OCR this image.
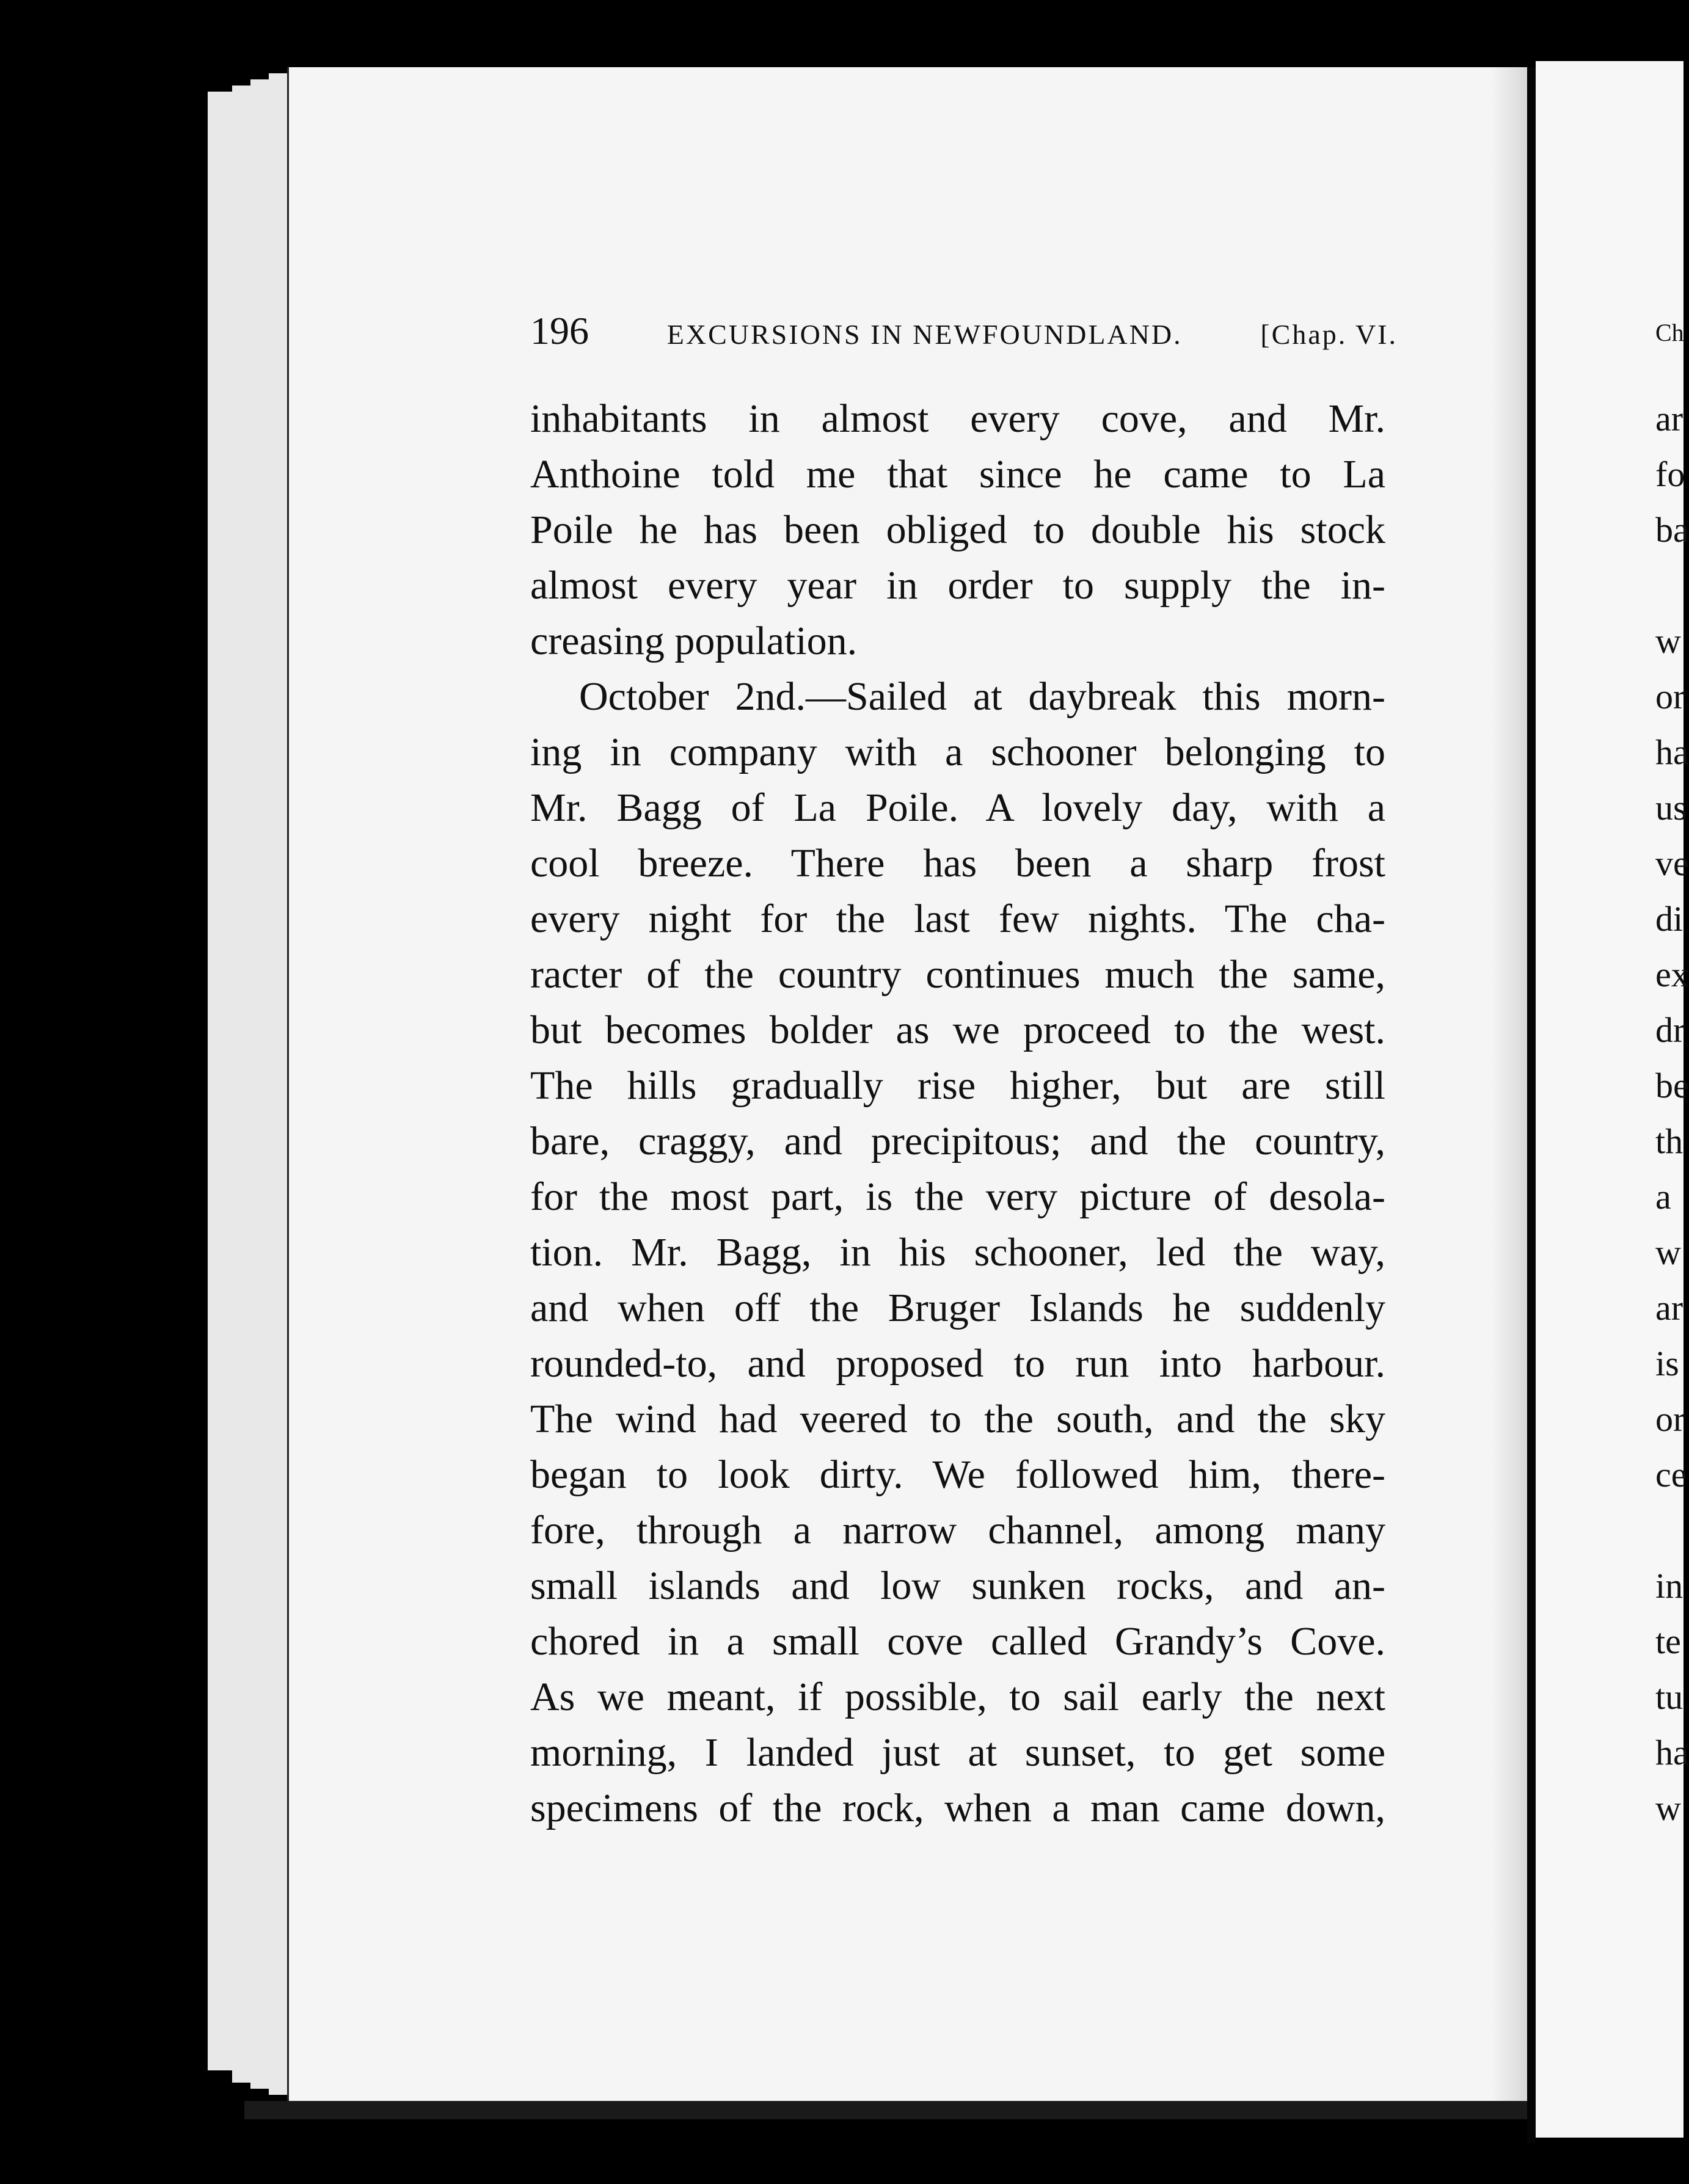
196	EXCURSIONS IN NEWFOUNDLAND.	[Chap. VI.
inhabitants in almost every cove, and Mr.
Anthoine told me that since he came to La
Poile he has been obliged to double his stock
almost every year in order to supply the in-
creasing population.
October 2nd.—Sailed at daybreak this morn-
ing in company with a schooner belonging to
Mr. Bagg of La Poile. A lovely day, with a
cool breeze. There has been a sharp frost
every night for the last few nights. The cha-
racter of the country continues much the same,
but becomes bolder as we proceed to the west.
The hills gradually rise higher, but are still
bare, craggy, and precipitous; and the country,
for the most part, is the very picture of desola-
tion. Mr. Bagg, in his schooner, led the way,
and when off the Bruger Islands he suddenly
rounded-to, and proposed to run into harbour.
The wind had veered to the south, and the sky
began to look dirty. We followed him, there-
fore, through a narrow channel, among many
small islands and low sunken rocks, and an-
chored in a small cove called Grandy’s Cove.
As we meant, if possible, to sail early the next
morning, I landed just at sunset, to get some
specimens of the rock, when a man came down,
Ch
ar
fo
ba
w
or
ha
us
ve
di
ex
dr
be
th
a
w
ar
is
or
ce
in
te
tu
ha
w
